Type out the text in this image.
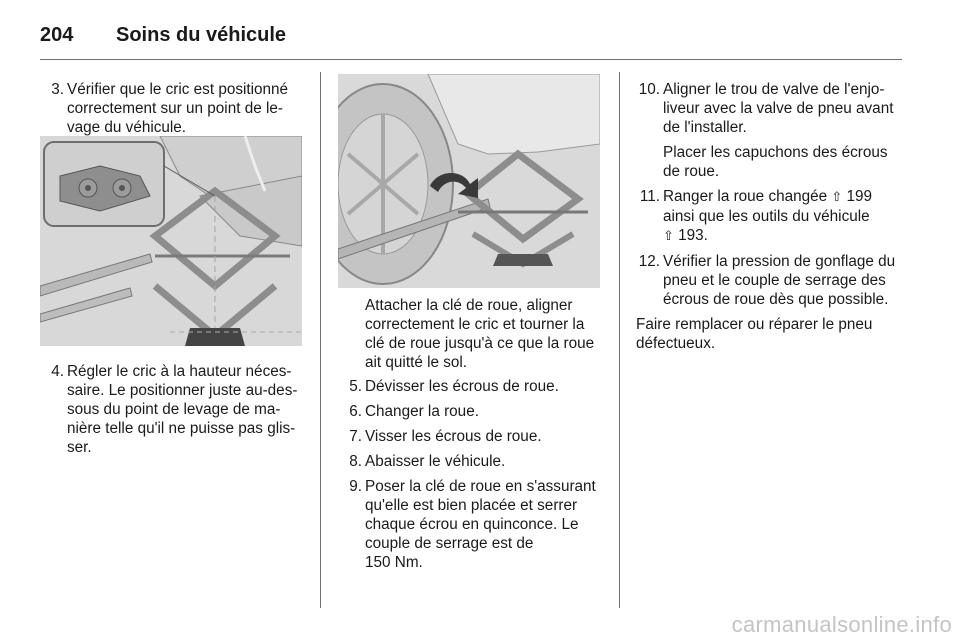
204	Soins du véhicule
3. Vérifier que le cric est positionné
correctement sur un point de le-
vage du véhicule.
4. Régler le cric à la hauteur néces-
saire. Le positionner juste au-des-
sous du point de levage de ma-
nière telle qu'il ne puisse pas glis-
ser.
Attacher la clé de roue, aligner
correctement le cric et tourner la
clé de roue jusqu'à ce que la roue
ait quitté le sol.
5. Dévisser les écrous de roue.
6. Changer la roue.
7. Visser les écrous de roue.
8. Abaisser le véhicule.
9. Poser la clé de roue en s'assurant
qu'elle est bien placée et serrer
chaque écrou en quinconce. Le
couple de serrage est de
150 Nm.
10. Aligner le trou de valve de l'enjo-
liveur avec la valve de pneu avant
de l'installer.
Placer les capuchons des écrous
de roue.
11. Ranger la roue changée ⇧ 199
ainsi que les outils du véhicule
⇧ 193.
12. Vérifier la pression de gonflage du
pneu et le couple de serrage des
écrous de roue dès que possible.
Faire remplacer ou réparer le pneu
défectueux.
carmanualsonline.info
